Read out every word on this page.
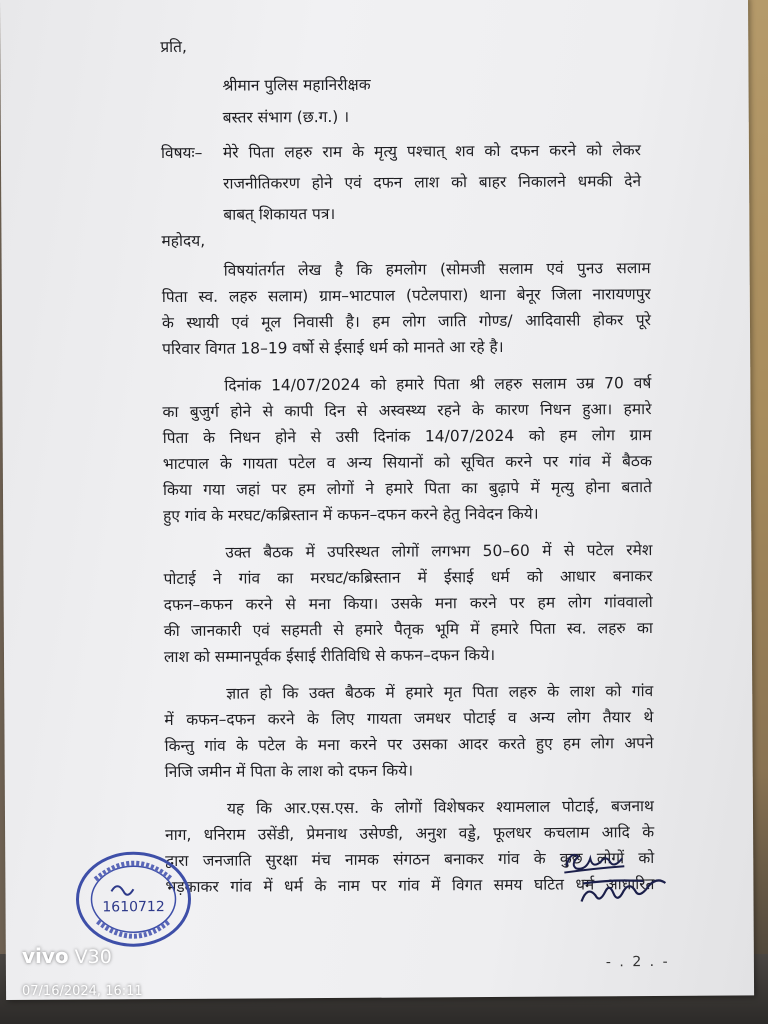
प्रति,
श्रीमान पुलिस महानिरीक्षक
बस्तर संभाग (छ.ग.) ।
विषयः– मेरे पिता लहरु राम के मृत्यु पश्चात् शव को दफन करने को लेकर
राजनीतिकरण होने एवं दफन लाश को बाहर निकालने धमकी देने
बाबत् शिकायत पत्र।
महोदय,
विषयांतर्गत लेख है कि हमलोग (सोमजी सलाम एवं पुनउ सलाम
पिता स्व. लहरु सलाम) ग्राम–भाटपाल (पटेलपारा) थाना बेनूर जिला नारायणपुर
के स्थायी एवं मूल निवासी है। हम लोग जाति गोण्ड/ आदिवासी होकर पूरे
परिवार विगत 18–19 वर्षो से ईसाई धर्म को मानते आ रहे है।
दिनांक 14/07/2024 को हमारे पिता श्री लहरु सलाम उम्र 70 वर्ष
का बुजुर्ग होने से कापी दिन से अस्वस्थ्य रहने के कारण निधन हुआ। हमारे
पिता के निधन होने से उसी दिनांक 14/07/2024 को हम लोग ग्राम
भाटपाल के गायता पटेल व अन्य सियानों को सूचित करने पर गांव में बैठक
किया गया जहां पर हम लोगों ने हमारे पिता का बुढ़ापे में मृत्यु होना बताते
हुए गांव के मरघट/कब्रिस्तान में कफन–दफन करने हेतु निवेदन किये।
उक्त बैठक में उपरिस्थत लोगों लगभग 50–60 में से पटेल रमेश
पोटाई ने गांव का मरघट/कब्रिस्तान में ईसाई धर्म को आधार बनाकर
दफन–कफन करने से मना किया। उसके मना करने पर हम लोग गांववालो
की जानकारी एवं सहमती से हमारे पैतृक भूमि में हमारे पिता स्व. लहरु का
लाश को सम्मानपूर्वक ईसाई रीतिविधि से कफन–दफन किये।
ज्ञात हो कि उक्त बैठक में हमारे मृत पिता लहरु के लाश को गांव
में कफन–दफन करने के लिए गायता जमधर पोटाई व अन्य लोग तैयार थे
किन्तु गांव के पटेल के मना करने पर उसका आदर करते हुए हम लोग अपने
निजि जमीन में पिता के लाश को दफन किये।
यह कि आर.एस.एस. के लोगों विशेषकर श्यामलाल पोटाई, बजनाथ
नाग, धनिराम उसेंडी, प्रेमनाथ उसेण्डी, अनुश वड्डे, फूलधर कचलाम आदि के
द्वारा जनजाति सुरक्षा मंच नामक संगठन बनाकर गांव के कुछ लोगों को
भड़काकर गांव में धर्म के नाम पर गांव में विगत समय घटित धर्म आधारित
1610712
- . 2 . -
vivo V30
07/16/2024, 16:11
